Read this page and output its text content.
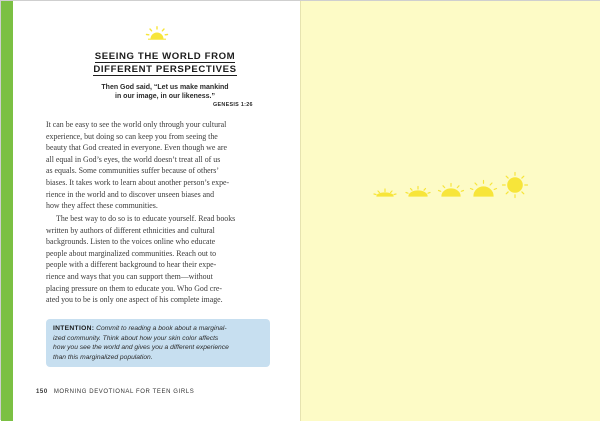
SEEING THE WORLD FROM
DIFFERENT PERSPECTIVES
Then God said, “Let us make mankind
in our image, in our likeness.”
GENESIS 1:26
It can be easy to see the world only through your cultural
experience, but doing so can keep you from seeing the
beauty that God created in everyone. Even though we are
all equal in God’s eyes, the world doesn’t treat all of us
as equals. Some communities suffer because of others’
biases. It takes work to learn about another person’s expe-
rience in the world and to discover unseen biases and
how they affect these communities.
The best way to do so is to educate yourself. Read books
written by authors of different ethnicities and cultural
backgrounds. Listen to the voices online who educate
people about marginalized communities. Reach out to
people with a different background to hear their expe-
rience and ways that you can support them—without
placing pressure on them to educate you. Who God cre-
ated you to be is only one aspect of his complete image.
INTENTION: Commit to reading a book about a marginal-
ized community. Think about how your skin color affects
how you see the world and gives you a different experience
than this marginalized population.
150 MORNING DEVOTIONAL FOR TEEN GIRLS
